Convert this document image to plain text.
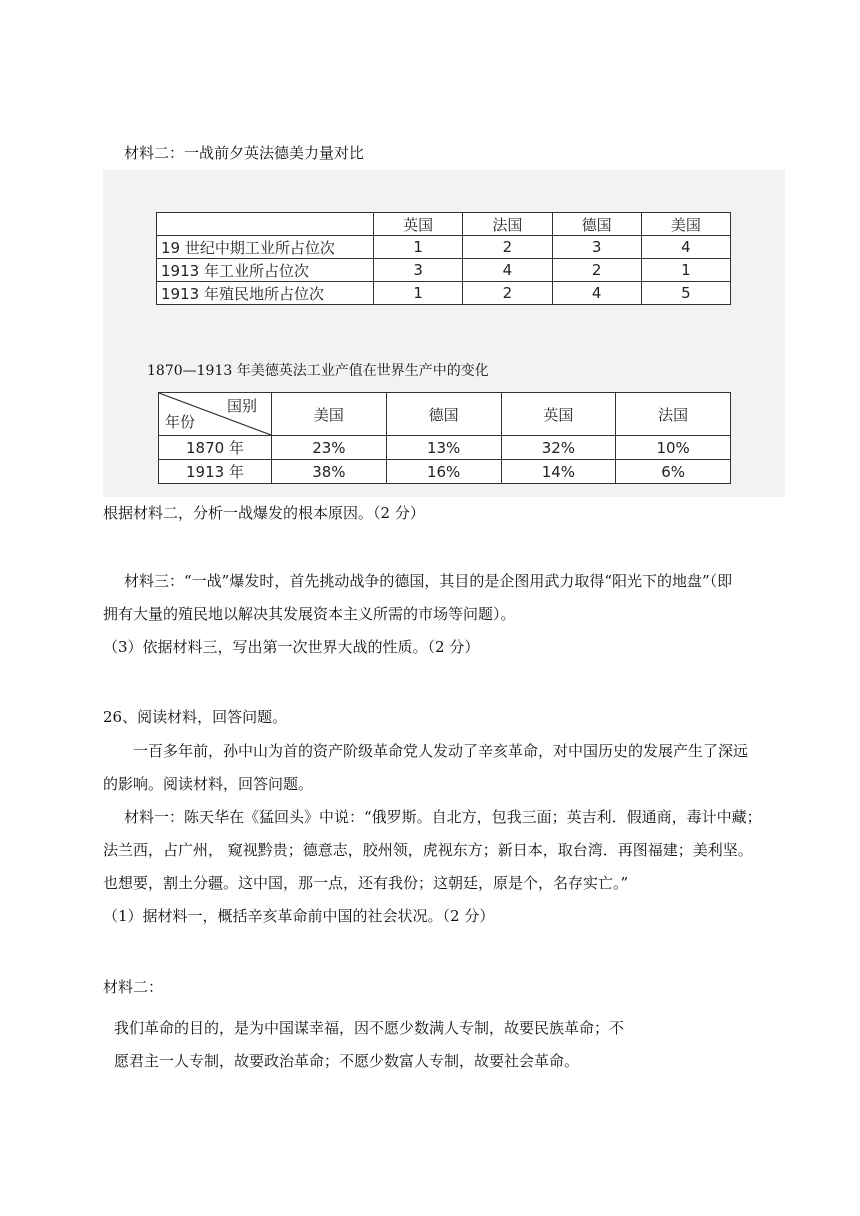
材料二：一战前夕英法德美力量对比
	英国	法国	德国	美国
19 世纪中期工业所占位次	1	2	3	4
1913 年工业所占位次	3	4	2	1
1913 年殖民地所占位次	1	2	4	5
1870—1913 年美德英法工业产值在世界生产中的变化
国别
年份	美国	德国	英国	法国
1870 年	23%	13%	32%	10%
1913 年	38%	16%	14%	6%
根据材料二，分析一战爆发的根本原因。（2 分）
材料三：“一战”爆发时，首先挑动战争的德国，其目的是企图用武力取得“阳光下的地盘”（即
拥有大量的殖民地以解决其发展资本主义所需的市场等问题）。
（3）依据材料三，写出第一次世界大战的性质。（2 分）
26、阅读材料，回答问题。
一百多年前，孙中山为首的资产阶级革命党人发动了辛亥革命，对中国历史的发展产生了深远
的影响。阅读材料，回答问题。
材料一：陈天华在《猛回头》中说：“俄罗斯。自北方，包我三面；英吉利．假通商，毒计中藏；
法兰西，占广州， 窥视黔贵；德意志，胶州领，虎视东方；新日本，取台湾．再图福建；美利坚。
也想要，割土分疆。这中国，那一点，还有我份；这朝廷，原是个，名存实亡。”
（1）据材料一，概括辛亥革命前中国的社会状况。（2 分）
材料二：
我们革命的目的，是为中国谋幸福，因不愿少数满人专制，故要民族革命；不
愿君主一人专制，故要政治革命；不愿少数富人专制，故要社会革命。
